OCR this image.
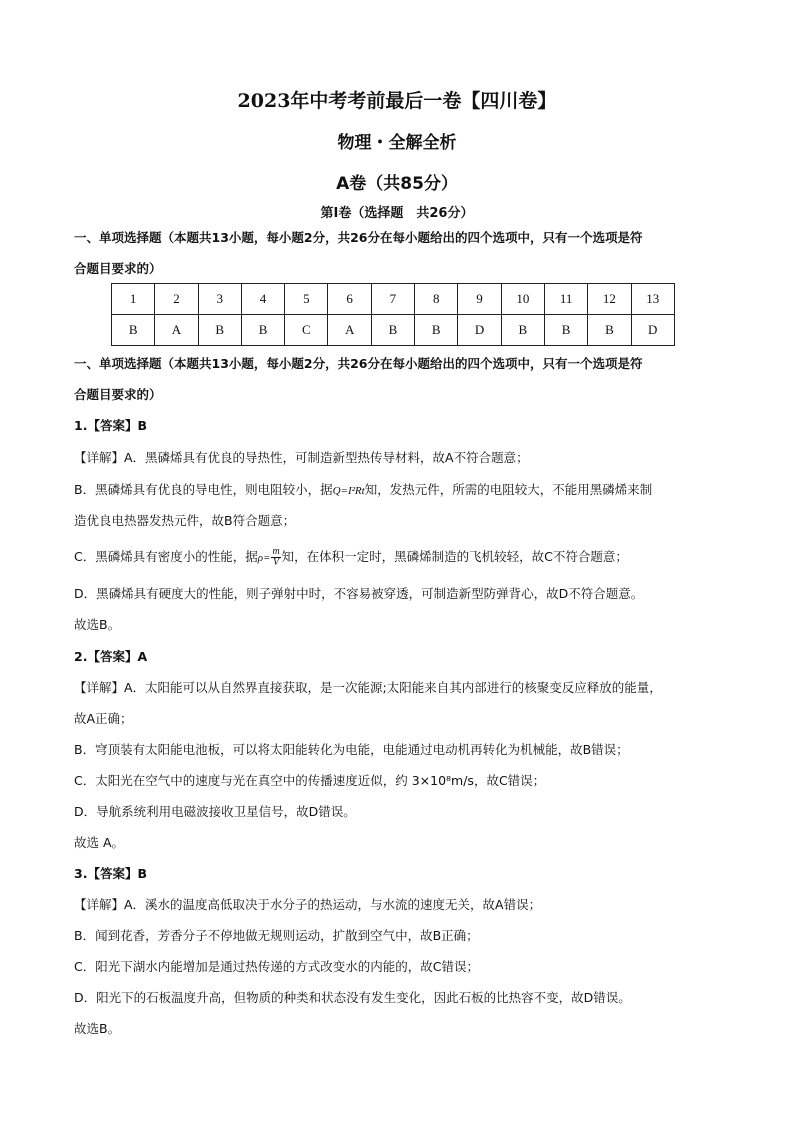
2023年中考考前最后一卷【四川卷】
物理・全解全析
A卷（共85分）
第Ⅰ卷（选择题　共26分）
一、单项选择题（本题共13小题，每小题2分，共26分在每小题给出的四个选项中，只有一个选项是符
合题目要求的）
1	2	3	4	5	6	7	8	9	10	11	12	13
B	A	B	B	C	A	B	B	D	B	B	B	D
一、单项选择题（本题共13小题，每小题2分，共26分在每小题给出的四个选项中，只有一个选项是符
合题目要求的）
1.【答案】B
【详解】A．黑磷烯具有优良的导热性，可制造新型热传导材料，故A不符合题意；
B．黑磷烯具有优良的导电性，则电阻较小，据Q=I²Rt知，发热元件，所需的电阻较大，不能用黑磷烯来制
造优良电热器发热元件，故B符合题意；
C．黑磷烯具有密度小的性能，据$\rho= \frac{m}{V}$ 知，在体积一定时，黑磷烯制造的飞机较轻，故C不符合题意；
D．黑磷烯具有硬度大的性能，则子弹射中时，不容易被穿透，可制造新型防弹背心，故D不符合题意。
故选B。
2.【答案】A
【详解】A．太阳能可以从自然界直接获取，是一次能源;太阳能来自其内部进行的核聚变反应释放的能量，
故A正确；
B．穹顶装有太阳能电池板，可以将太阳能转化为电能，电能通过电动机再转化为机械能，故B错误；
C．太阳光在空气中的速度与光在真空中的传播速度近似，约 3×10⁸m/s，故C错误；
D．导航系统利用电磁波接收卫星信号，故D错误。
故选 A。
3.【答案】B
【详解】A．溪水的温度高低取决于水分子的热运动，与水流的速度无关，故A错误；
B．闻到花香，芳香分子不停地做无规则运动，扩散到空气中，故B正确；
C．阳光下湖水内能增加是通过热传递的方式改变水的内能的，故C错误；
D．阳光下的石板温度升高，但物质的种类和状态没有发生变化，因此石板的比热容不变，故D错误。
故选B。
